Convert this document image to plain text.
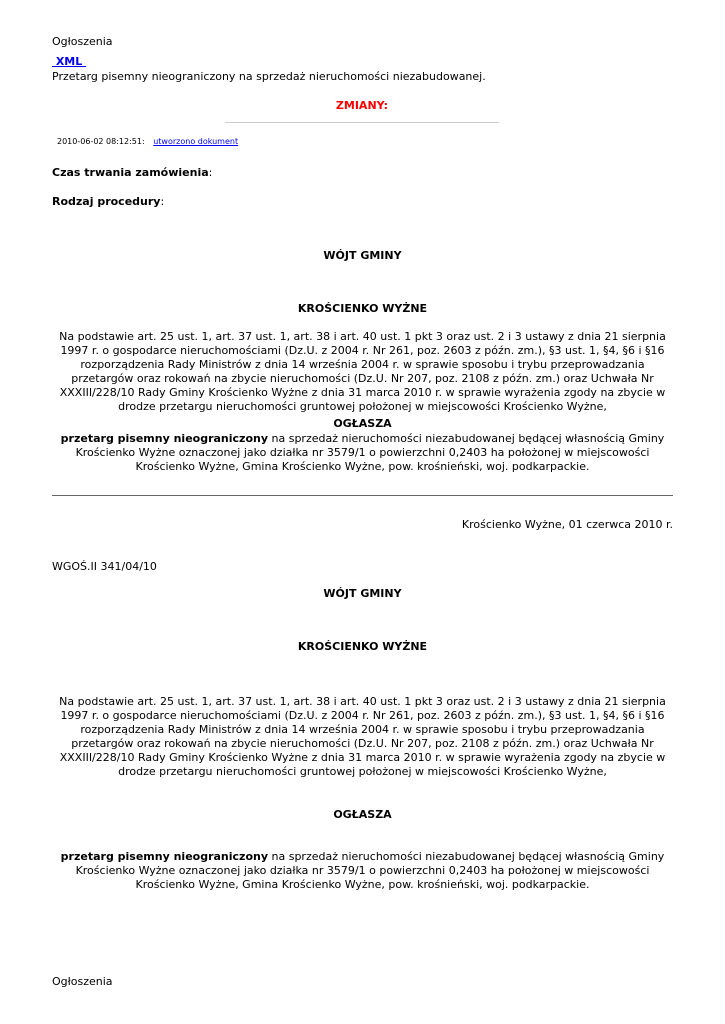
Ogłoszenia
XML
Przetarg pisemny nieograniczony na sprzedaż nieruchomości niezabudowanej.
ZMIANY:
2010-06-02 08:12:51: utworzono dokument
Czas trwania zamówienia:
Rodzaj procedury:
WÓJT GMINY
KROŚCIENKO WYŻNE
Na podstawie art. 25 ust. 1, art. 37 ust. 1, art. 38 i art. 40 ust. 1 pkt 3 oraz ust. 2 i 3 ustawy z dnia 21 sierpnia 1997 r. o gospodarce nieruchomościami (Dz.U. z 2004 r. Nr 261, poz. 2603 z późn. zm.), §3 ust. 1, §4, §6 i §16 rozporządzenia Rady Ministrów z dnia 14 września 2004 r. w sprawie sposobu i trybu przeprowadzania przetargów oraz rokowań na zbycie nieruchomości (Dz.U. Nr 207, poz. 2108 z późn. zm.) oraz Uchwała Nr XXXIII/228/10 Rady Gminy Krościenko Wyżne z dnia 31 marca 2010 r. w sprawie wyrażenia zgody na zbycie w drodze przetargu nieruchomości gruntowej położonej w miejscowości Krościenko Wyżne,
OGŁASZA
przetarg pisemny nieograniczony na sprzedaż nieruchomości niezabudowanej będącej własnością Gminy Krościenko Wyżne oznaczonej jako działka nr 3579/1 o powierzchni 0,2403 ha położonej w miejscowości Krościenko Wyżne, Gmina Krościenko Wyżne, pow. krośnieński, woj. podkarpackie.
Krościenko Wyżne, 01 czerwca 2010 r.
WGOŚ.II 341/04/10
WÓJT GMINY
KROŚCIENKO WYŻNE
Na podstawie art. 25 ust. 1, art. 37 ust. 1, art. 38 i art. 40 ust. 1 pkt 3 oraz ust. 2 i 3 ustawy z dnia 21 sierpnia 1997 r. o gospodarce nieruchomościami (Dz.U. z 2004 r. Nr 261, poz. 2603 z późn. zm.), §3 ust. 1, §4, §6 i §16 rozporządzenia Rady Ministrów z dnia 14 września 2004 r. w sprawie sposobu i trybu przeprowadzania przetargów oraz rokowań na zbycie nieruchomości (Dz.U. Nr 207, poz. 2108 z późn. zm.) oraz Uchwała Nr XXXIII/228/10 Rady Gminy Krościenko Wyżne z dnia 31 marca 2010 r. w sprawie wyrażenia zgody na zbycie w drodze przetargu nieruchomości gruntowej położonej w miejscowości Krościenko Wyżne,
OGŁASZA
przetarg pisemny nieograniczony na sprzedaż nieruchomości niezabudowanej będącej własnością Gminy Krościenko Wyżne oznaczonej jako działka nr 3579/1 o powierzchni 0,2403 ha położonej w miejscowości Krościenko Wyżne, Gmina Krościenko Wyżne, pow. krośnieński, woj. podkarpackie.
Ogłoszenia
